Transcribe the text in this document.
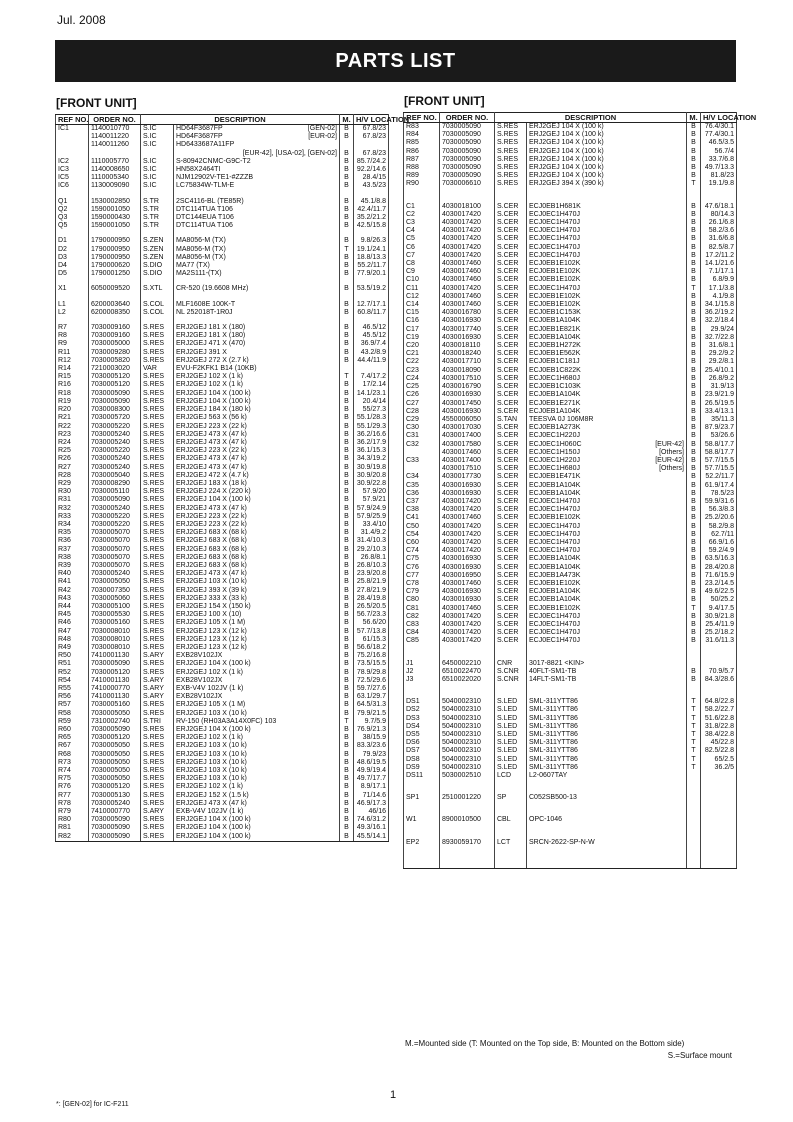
Jul. 2008
PARTS LIST
[FRONT UNIT]	[FRONT UNIT]
REF NO.	ORDER NO.	DESCRIPTION		M.	H/V LOCATION
IC1	1140010770	S.IC	HD64F3687FP [GEN-02]	B	67.8/23
	1140011220	S.IC	HD64F3687FP [EUR-02]	B	67.8/23
	1140011260	S.IC	HD6433687A11FP		

			[EUR-42], [USA-02], [GEN-02]	B	67.8/23
IC2	1110005770	S.IC	S-80942CNMC-G9C-T2	B	85.7/24.2
IC3	1140008650	S.IC	HN58X2464TI	B	92.2/14.6
IC5	1110005340	S.IC	NJM12902V-TE1-#ZZZB	B	28.4/15
IC6	1130009090	S.IC	LC75834W-TLM-E	B	43.5/23

Q1	1530002850	S.TR	2SC4116-BL (TE85R)	B	45.1/8.8
Q2	1590001050	S.TR	DTC114TUA T106	B	42.4/11.7
Q3	1590000430	S.TR	DTC144EUA T106	B	35.2/21.2
Q5	1590001050	S.TR	DTC114TUA T106	B	42.5/15.8

D1	1790000950	S.ZEN	MA8056-M (TX)	B	9.8/26.3
D2	1790000950	S.ZEN	MA8056-M (TX)	T	19.1/24.1
D3	1790000950	S.ZEN	MA8056-M (TX)	B	18.8/13.3
D4	1790000620	S.DIO	MA77 (TX)	B	55.2/11.7
D5	1790001250	S.DIO	MA2S111-(TX)	B	77.9/20.1

X1	6050009520	S.XTL	CR-520 (19.6608 MHz)	B	53.5/19.2

L1	6200003640	S.COL	MLF1608E 100K-T	B	12.7/17.1
L2	6200008350	S.COL	NL 252018T-1R0J	B	60.8/11.7

R7	7030009160	S.RES	ERJ2GEJ 181 X (180)	B	46.5/12
R8	7030009160	S.RES	ERJ2GEJ 181 X (180)	B	45.5/12
R9	7030005000	S.RES	ERJ2GEJ 471 X (470)	B	36.9/7.4
R11	7030009280	S.RES	ERJ2GEJ 391 X	B	43.2/8.9
R12	7030005820	S.RES	ERJ2GEJ 272 X (2.7 k)	B	44.4/11.9
R14	7210003020	VAR	EVU-F2KFK1 B14 (10KB)		
R15	7030005120	S.RES	ERJ2GEJ 102 X (1 k)	T	7.4/17.2
R16	7030005120	S.RES	ERJ2GEJ 102 X (1 k)	B	17/2.14
R18	7030005090	S.RES	ERJ2GEJ 104 X (100 k)	B	14.1/23.1
R19	7030005090	S.RES	ERJ2GEJ 104 X (100 k)	B	20.4/14
R20	7030008300	S.RES	ERJ2GEJ 184 X (180 k)	B	55/27.3
R21	7030005720	S.RES	ERJ2GEJ 563 X (56 k)	B	55.1/28.3
R22	7030005220	S.RES	ERJ2GEJ 223 X (22 k)	B	55.1/29.3
R23	7030005240	S.RES	ERJ2GEJ 473 X (47 k)	B	36.2/16.6
R24	7030005240	S.RES	ERJ2GEJ 473 X (47 k)	B	36.2/17.9
R25	7030005220	S.RES	ERJ2GEJ 223 X (22 k)	B	36.1/15.3
R26	7030005240	S.RES	ERJ2GEJ 473 X (47 k)	B	34.3/19.2
R27	7030005240	S.RES	ERJ2GEJ 473 X (47 k)	B	30.9/19.8
R28	7030005040	S.RES	ERJ2GEJ 472 X (4.7 k)	B	30.9/20.8
R29	7030008290	S.RES	ERJ2GEJ 183 X (18 k)	B	30.9/22.8
R30	7030005110	S.RES	ERJ2GEJ 224 X (220 k)	B	57.9/20
R31	7030005090	S.RES	ERJ2GEJ 104 X (100 k)	B	57.9/21
R32	7030005240	S.RES	ERJ2GEJ 473 X (47 k)	B	57.9/24.9
R33	7030005220	S.RES	ERJ2GEJ 223 X (22 k)	B	57.9/25.9
R34	7030005220	S.RES	ERJ2GEJ 223 X (22 k)	B	33.4/10
R35	7030005070	S.RES	ERJ2GEJ 683 X (68 k)	B	31.4/9.2
R36	7030005070	S.RES	ERJ2GEJ 683 X (68 k)	B	31.4/10.3
R37	7030005070	S.RES	ERJ2GEJ 683 X (68 k)	B	29.2/10.3
R38	7030005070	S.RES	ERJ2GEJ 683 X (68 k)	B	26.8/8.1
R39	7030005070	S.RES	ERJ2GEJ 683 X (68 k)	B	26.8/10.3
R40	7030005240	S.RES	ERJ2GEJ 473 X (47 k)	B	23.9/20.8
R41	7030005050	S.RES	ERJ2GEJ 103 X (10 k)	B	25.8/21.9
R42	7030007350	S.RES	ERJ2GEJ 393 X (39 k)	B	27.8/21.9
R43	7030005060	S.RES	ERJ2GEJ 333 X (33 k)	B	28.4/19.8
R44	7030005100	S.RES	ERJ2GEJ 154 X (150 k)	B	26.5/20.5
R45	7030005530	S.RES	ERJ2GEJ 100 X (10)	B	56.7/23.3
R46	7030005160	S.RES	ERJ2GEJ 105 X (1 M)	B	56.6/20
R47	7030008010	S.RES	ERJ2GEJ 123 X (12 k)	B	57.7/13.8
R48	7030008010	S.RES	ERJ2GEJ 123 X (12 k)	B	61/15.3
R49	7030008010	S.RES	ERJ2GEJ 123 X (12 k)	B	56.6/18.2
R50	7410001130	S.ARY	EXB28V102JX	B	75.2/16.8
R51	7030005090	S.RES	ERJ2GEJ 104 X (100 k)	B	73.5/15.5
R52	7030005120	S.RES	ERJ2GEJ 102 X (1 k)	B	78.9/29.8
R54	7410001130	S.ARY	EXB28V102JX	B	72.5/29.6
R55	7410000770	S.ARY	EXB-V4V 102JV (1 k)	B	59.7/27.6
R56	7410001130	S.ARY	EXB28V102JX	B	63.1/29.7
R57	7030005160	S.RES	ERJ2GEJ 105 X (1 M)	B	64.5/31.3
R58	7030005050	S.RES	ERJ2GEJ 103 X (10 k)	B	79.9/21.5
R59	7310002740	S.TRI	RV-150 (RH03A3A14X0FC) 103	T	9.7/5.9
R60	7030005090	S.RES	ERJ2GEJ 104 X (100 k)	B	76.9/21.3
R65	7030005120	S.RES	ERJ2GEJ 102 X (1 k)	B	38/15.9
R67	7030005050	S.RES	ERJ2GEJ 103 X (10 k)	B	83.3/23.6
R68	7030005050	S.RES	ERJ2GEJ 103 X (10 k)	B	79.9/23
R73	7030005050	S.RES	ERJ2GEJ 103 X (10 k)	B	48.6/19.5
R74	7030005050	S.RES	ERJ2GEJ 103 X (10 k)	B	49.9/19.4
R75	7030005050	S.RES	ERJ2GEJ 103 X (10 k)	B	49.7/17.7
R76	7030005120	S.RES	ERJ2GEJ 102 X (1 k)	B	8.9/17.1
R77	7030005130	S.RES	ERJ2GEJ 152 X (1.5 k)	B	71/14.6
R78	7030005240	S.RES	ERJ2GEJ 473 X (47 k)	B	46.9/17.3
R79	7410000770	S.ARY	EXB-V4V 102JV (1 k)	B	46/16
R80	7030005090	S.RES	ERJ2GEJ 104 X (100 k)	B	74.6/31.2
R81	7030005090	S.RES	ERJ2GEJ 104 X (100 k)	B	49.3/16.1
R82	7030005090	S.RES	ERJ2GEJ 104 X (100 k)	B	45.5/14.1
REF NO.	ORDER NO.	DESCRIPTION		M.	H/V LOCATION
R83	7030005090	S.RES	ERJ2GEJ 104 X (100 k)	B	76.4/30.1
R84	7030005090	S.RES	ERJ2GEJ 104 X (100 k)	B	77.4/30.1
R85	7030005090	S.RES	ERJ2GEJ 104 X (100 k)	B	46.5/3.5
R86	7030005090	S.RES	ERJ2GEJ 104 X (100 k)	B	56.7/4
R87	7030005090	S.RES	ERJ2GEJ 104 X (100 k)	B	33.7/6.8
R88	7030005090	S.RES	ERJ2GEJ 104 X (100 k)	B	49.7/13.3
R89	7030005090	S.RES	ERJ2GEJ 104 X (100 k)	B	81.8/23
R90	7030006610	S.RES	ERJ2GEJ 394 X (390 k)	T	19.1/9.8

C1	4030018100	S.CER	ECJ0EB1H681K	B	47.6/18.1
C2	4030017420	S.CER	ECJ0EC1H470J	B	80/14.3
C3	4030017420	S.CER	ECJ0EC1H470J	B	26.1/6.8
C4	4030017420	S.CER	ECJ0EC1H470J	B	58.2/3.6
C5	4030017420	S.CER	ECJ0EC1H470J	B	31.6/6.8
C6	4030017420	S.CER	ECJ0EC1H470J	B	82.5/8.7
C7	4030017420	S.CER	ECJ0EC1H470J	B	17.2/11.2
C8	4030017460	S.CER	ECJ0EB1E102K	B	14.1/21.6
C9	4030017460	S.CER	ECJ0EB1E102K	B	7.1/17.1
C10	4030017460	S.CER	ECJ0EB1E102K	B	6.8/9.9
C11	4030017420	S.CER	ECJ0EC1H470J	T	17.1/3.8
C12	4030017460	S.CER	ECJ0EB1E102K	B	4.1/9.8
C14	4030017460	S.CER	ECJ0EB1E102K	B	34.1/15.8
C15	4030016780	S.CER	ECJ0EB1C153K	B	36.2/19.2
C16	4030016930	S.CER	ECJ0EB1A104K	B	32.2/18.4
C17	4030017740	S.CER	ECJ0EB1E821K	B	29.9/24
C19	4030016930	S.CER	ECJ0EB1A104K	B	32.7/22.8
C20	4030018110	S.CER	ECJ0EB1H272K	B	31.6/8.1
C21	4030018240	S.CER	ECJ0EB1E562K	B	29.2/9.2
C22	4030017710	S.CER	ECJ0EB1C181J	B	29.2/8.1
C23	4030018090	S.CER	ECJ0EB1C822K	B	25.4/10.1
C24	4030017510	S.CER	ECJ0EC1H680J	B	26.8/9.2
C25	4030016790	S.CER	ECJ0EB1C103K	B	31.9/13
C26	4030016930	S.CER	ECJ0EB1A104K	B	23.9/21.9
C27	4030017450	S.CER	ECJ0EB1E271K	B	26.5/19.5
C28	4030016930	S.CER	ECJ0EB1A104K	B	33.4/13.1
C29	4550006050	S.TAN	TEESVA 0J 106M8R	B	35/11.3
C30	4030017030	S.CER	ECJ0EB1A273K	B	87.9/23.7
C31	4030017400	S.CER	ECJ0EC1H220J	B	53/26.6
C32	4030017580	S.CER	ECJ0EC1H060C [EUR-42]	B	58.8/17.7
	4030017460	S.CER	ECJ0EC1H150J [Others]	B	58.8/17.7
C33	4030017400	S.CER	ECJ0EC1H220J [EUR-42]	B	57.7/15.5
	4030017510	S.CER	ECJ0EC1H680J [Others]	B	57.7/15.5
C34	4030017730	S.CER	ECJ0EB1E471K	B	52.2/11.7
C35	4030016930	S.CER	ECJ0EB1A104K	B	61.9/17.4
C36	4030016930	S.CER	ECJ0EB1A104K	B	78.5/23
C37	4030017420	S.CER	ECJ0EC1H470J	B	59.9/31.6
C38	4030017420	S.CER	ECJ0EC1H470J	B	56.3/8.3
C41	4030017460	S.CER	ECJ0EB1E102K	B	25.2/20.6
C50	4030017420	S.CER	ECJ0EC1H470J	B	58.2/9.8
C54	4030017420	S.CER	ECJ0EC1H470J	B	62.7/11
C60	4030017420	S.CER	ECJ0EC1H470J	B	66.9/1.6
C74	4030017420	S.CER	ECJ0EC1H470J	B	59.2/4.9
C75	4030016930	S.CER	ECJ0EB1A104K	B	63.5/16.3
C76	4030016930	S.CER	ECJ0EB1A104K	B	28.4/20.8
C77	4030016950	S.CER	ECJ0EB1A473K	B	71.6/15.9
C78	4030017460	S.CER	ECJ0EB1E102K	B	23.2/14.5
C79	4030016930	S.CER	ECJ0EB1A104K	B	49.6/22.5
C80	4030016930	S.CER	ECJ0EB1A104K	B	50/25.2
C81	4030017460	S.CER	ECJ0EB1E102K	T	9.4/17.5
C82	4030017420	S.CER	ECJ0EC1H470J	B	30.9/21.8
C83	4030017420	S.CER	ECJ0EC1H470J	B	25.4/11.9
C84	4030017420	S.CER	ECJ0EC1H470J	B	25.2/18.2
C85	4030017420	S.CER	ECJ0EC1H470J	B	31.6/11.3

J1	6450002210	CNR	3017-8821 <KIN>		
J2	6510022470	S.CNR	40FLT-SM1-TB	B	70.9/5.7
J3	6510022020	S.CNR	14FLT-SM1-TB	B	84.3/28.6

DS1	5040002310	S.LED	SML-311YTT86	T	64.8/22.8
DS2	5040002310	S.LED	SML-311YTT86	T	58.2/22.7
DS3	5040002310	S.LED	SML-311YTT86	T	51.6/22.8
DS4	5040002310	S.LED	SML-311YTT86	T	31.8/22.8
DS5	5040002310	S.LED	SML-311YTT86	T	38.4/22.8
DS6	5040002310	S.LED	SML-311YTT86	T	45/22.8
DS7	5040002310	S.LED	SML-311YTT86	T	82.5/22.8
DS8	5040002310	S.LED	SML-311YTT86	T	65/2.5
DS9	5040002310	S.LED	SML-311YTT86	T	36.2/5
DS11	5030002510	LCD	L2-0607TAY		

SP1	2510001220	SP	C052SB500-13		

W1	8900010500	CBL	OPC-1046		

EP2	8930059170	LCT	SRCN-2622-SP-N-W		

*: [GEN-02] for IC-F211
M.=Mounted side (T: Mounted on the Top side, B: Mounted on the Bottom side)
S.=Surface mount
1
